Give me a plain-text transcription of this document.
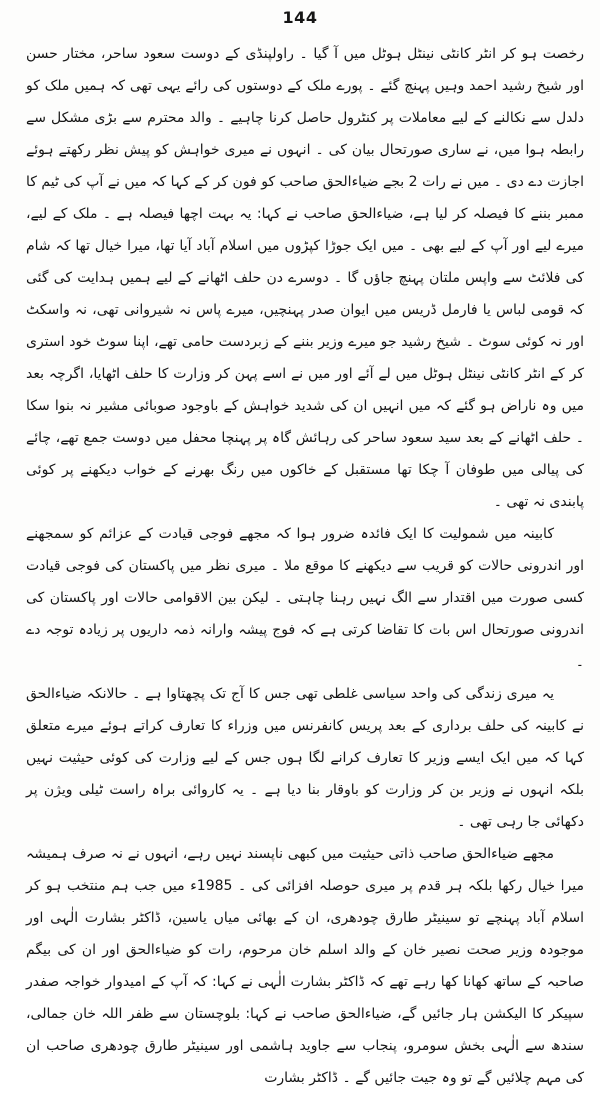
144

رخصت ہو کر انٹر کانٹی نینٹل ہوٹل میں آ گیا ۔ راولپنڈی کے دوست سعود ساحر، مختار حسن اور شیخ رشید احمد وہیں پہنچ گئے ۔ پورے ملک کے دوستوں کی رائے یہی تھی کہ ہمیں ملک کو دلدل سے نکالنے کے لیے معاملات پر کنٹرول حاصل کرنا چاہیے ۔ والد محترم سے بڑی مشکل سے رابطہ ہوا میں، نے ساری صورتحال بیان کی ۔ انہوں نے میری خواہش کو پیش نظر رکھتے ہوئے اجازت دے دی ۔ میں نے رات 2 بجے ضیاءالحق صاحب کو فون کر کے کہا کہ میں نے آپ کی ٹیم کا ممبر بننے کا فیصلہ کر لیا ہے، ضیاءالحق صاحب نے کہا: یہ بہت اچھا فیصلہ ہے ۔ ملک کے لیے، میرے لیے اور آپ کے لیے بھی ۔ میں ایک جوڑا کپڑوں میں اسلام آباد آیا تھا، میرا خیال تھا کہ شام کی فلائٹ سے واپس ملتان پہنچ جاؤں گا ۔ دوسرے دن حلف اٹھانے کے لیے ہمیں ہدایت کی گئی کہ قومی لباس یا فارمل ڈریس میں ایوان صدر پہنچیں، میرے پاس نہ شیروانی تھی، نہ واسکٹ اور نہ کوئی سوٹ ۔ شیخ رشید جو میرے وزیر بننے کے زبردست حامی تھے، اپنا سوٹ خود استری کر کے انٹر کانٹی نینٹل ہوٹل میں لے آئے اور میں نے اسے پہن کر وزارت کا حلف اٹھایا، اگرچہ بعد میں وہ ناراض ہو گئے کہ میں انہیں ان کی شدید خواہش کے باوجود صوبائی مشیر نہ بنوا سکا ۔ حلف اٹھانے کے بعد سید سعود ساحر کی رہائش گاہ پر پہنچا محفل میں دوست جمع تھے، چائے کی پیالی میں طوفان آ چکا تھا مستقبل کے خاکوں میں رنگ بھرنے کے خواب دیکھنے پر کوئی پابندی نہ تھی ۔

کابینہ میں شمولیت کا ایک فائدہ ضرور ہوا کہ مجھے فوجی قیادت کے عزائم کو سمجھنے اور اندرونی حالات کو قریب سے دیکھنے کا موقع ملا ۔ میری نظر میں پاکستان کی فوجی قیادت کسی صورت میں اقتدار سے الگ نہیں رہنا چاہتی ۔ لیکن بین الاقوامی حالات اور پاکستان کی اندرونی صورتحال اس بات کا تقاضا کرتی ہے کہ فوج پیشہ وارانہ ذمہ داریوں پر زیادہ توجہ دے ۔

یہ میری زندگی کی واحد سیاسی غلطی تھی جس کا آج تک پچھتاوا ہے ۔ حالانکہ ضیاءالحق نے کابینہ کی حلف برداری کے بعد پریس کانفرنس میں وزراء کا تعارف کراتے ہوئے میرے متعلق کہا کہ میں ایک ایسے وزیر کا تعارف کرانے لگا ہوں جس کے لیے وزارت کی کوئی حیثیت نہیں بلکہ انہوں نے وزیر بن کر وزارت کو باوقار بنا دیا ہے ۔ یہ کاروائی براہ راست ٹیلی ویژن پر دکھائی جا رہی تھی ۔

مجھے ضیاءالحق صاحب ذاتی حیثیت میں کبھی ناپسند نہیں رہے، انہوں نے نہ صرف ہمیشہ میرا خیال رکھا بلکہ ہر قدم پر میری حوصلہ افزائی کی ۔ 1985ء میں جب ہم منتخب ہو کر اسلام آباد پہنچے تو سینیٹر طارق چودھری، ان کے بھائی میاں یاسین، ڈاکٹر بشارت الٰہی اور موجودہ وزیر صحت نصیر خان کے والد اسلم خان مرحوم، رات کو ضیاءالحق اور ان کی بیگم صاحبہ کے ساتھ کھانا کھا رہے تھے کہ ڈاکٹر بشارت الٰہی نے کہا: کہ آپ کے امیدوار خواجہ صفدر سپیکر کا الیکشن ہار جائیں گے، ضیاءالحق صاحب نے کہا: بلوچستان سے ظفر اللہ خان جمالی، سندھ سے الٰہی بخش سومرو، پنجاب سے جاوید ہاشمی اور سینیٹر طارق چودھری صاحب ان کی مہم چلائیں گے تو وہ جیت جائیں گے ۔ ڈاکٹر بشارت
